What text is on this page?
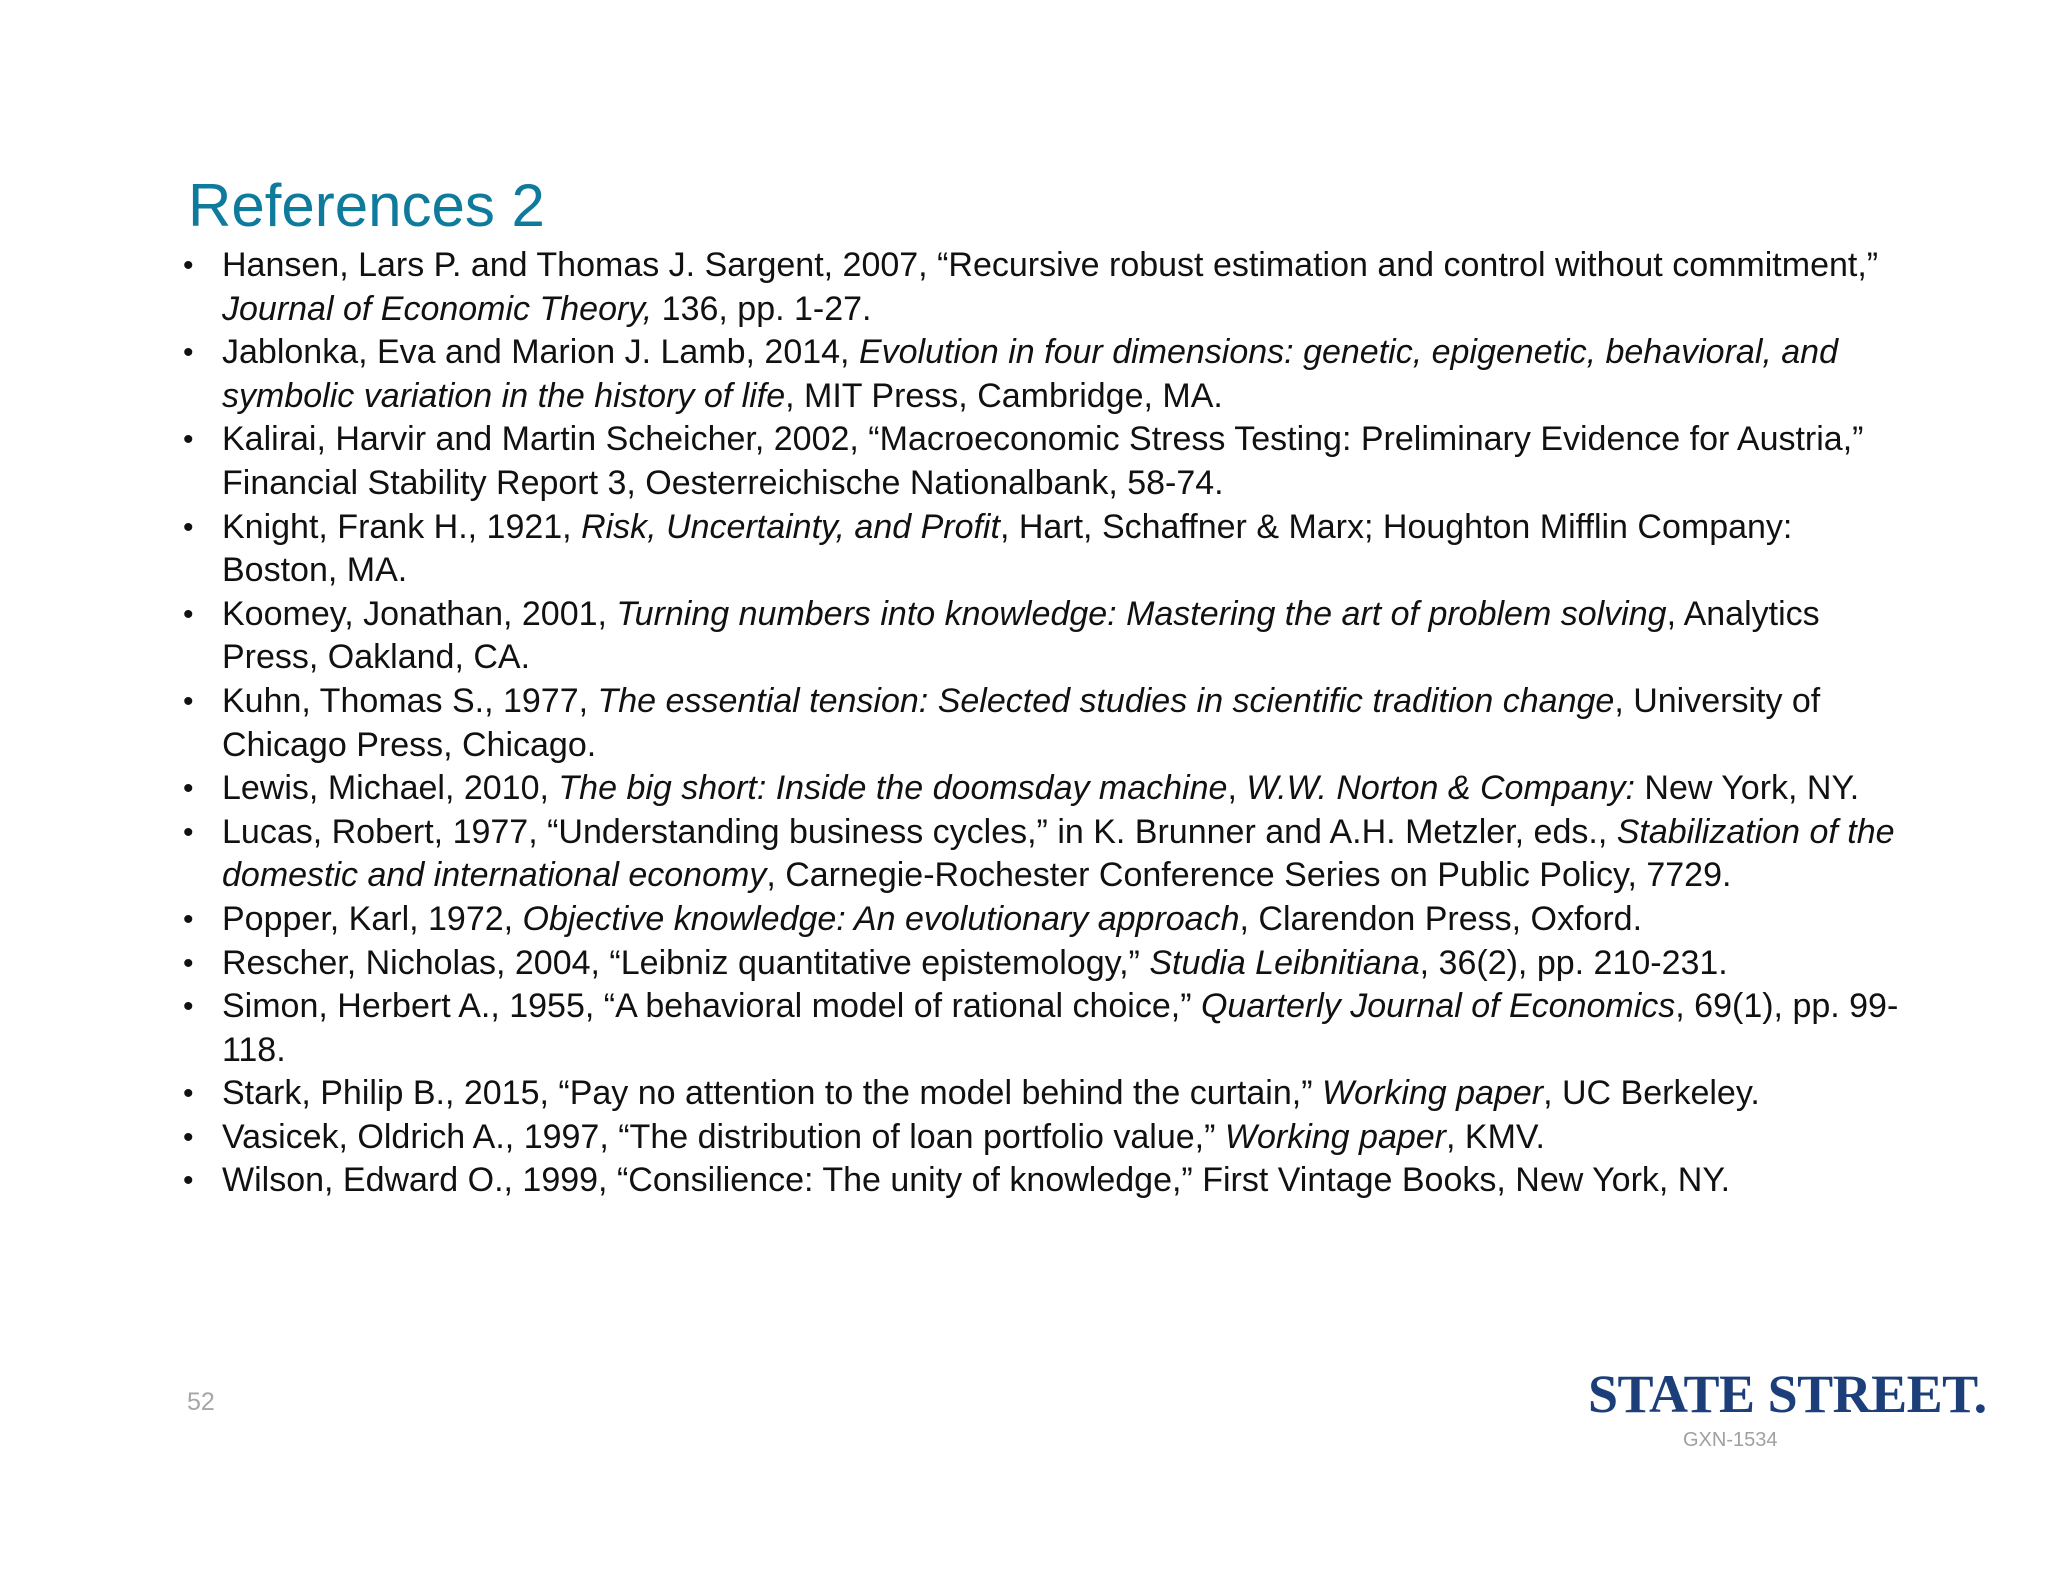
References 2
• Hansen, Lars P. and Thomas J. Sargent, 2007, “Recursive robust estimation and control without commitment,” Journal of Economic Theory, 136, pp. 1-27.
• Jablonka, Eva and Marion J. Lamb, 2014, Evolution in four dimensions: genetic, epigenetic, behavioral, and symbolic variation in the history of life, MIT Press, Cambridge, MA.
• Kalirai, Harvir and Martin Scheicher, 2002, “Macroeconomic Stress Testing: Preliminary Evidence for Austria,” Financial Stability Report 3, Oesterreichische Nationalbank, 58-74.
• Knight, Frank H., 1921, Risk, Uncertainty, and Profit, Hart, Schaffner & Marx; Houghton Mifflin Company: Boston, MA.
• Koomey, Jonathan, 2001, Turning numbers into knowledge: Mastering the art of problem solving, Analytics Press, Oakland, CA.
• Kuhn, Thomas S., 1977, The essential tension: Selected studies in scientific tradition change, University of Chicago Press, Chicago.
• Lewis, Michael, 2010, The big short: Inside the doomsday machine, W.W. Norton & Company: New York, NY.
• Lucas, Robert, 1977, “Understanding business cycles,” in K. Brunner and A.H. Metzler, eds., Stabilization of the domestic and international economy, Carnegie-Rochester Conference Series on Public Policy, 7729.
• Popper, Karl, 1972, Objective knowledge: An evolutionary approach, Clarendon Press, Oxford.
• Rescher, Nicholas, 2004, “Leibniz quantitative epistemology,” Studia Leibnitiana, 36(2), pp. 210-231.
• Simon, Herbert A., 1955, “A behavioral model of rational choice,” Quarterly Journal of Economics, 69(1), pp. 99-118.
• Stark, Philip B., 2015, “Pay no attention to the model behind the curtain,” Working paper, UC Berkeley.
• Vasicek, Oldrich A., 1997, “The distribution of loan portfolio value,” Working paper, KMV.
• Wilson, Edward O., 1999, “Consilience: The unity of knowledge,” First Vintage Books, New York, NY.
52	STATE STREET.
GXN-1534
